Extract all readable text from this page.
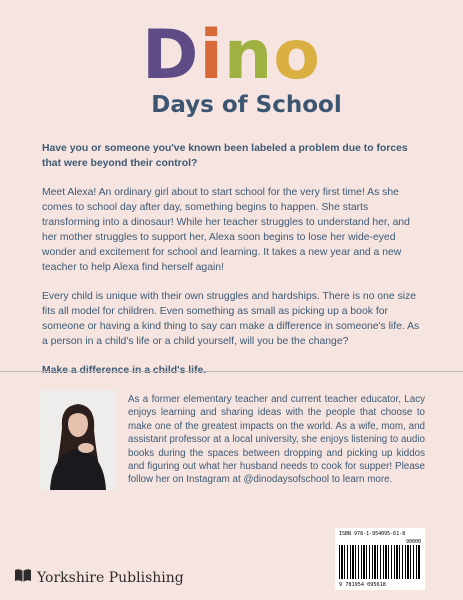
Dino
Days of School

Have you or someone you've known been labeled a problem due to forces that were beyond their control?

Meet Alexa! An ordinary girl about to start school for the very first time! As she comes to school day after day, something begins to happen. She starts transforming into a dinosaur! While her teacher struggles to understand her, and her mother struggles to support her, Alexa soon begins to lose her wide-eyed wonder and excitement for school and learning. It takes a new year and a new teacher to help Alexa find herself again!

Every child is unique with their own struggles and hardships. There is no one size fits all model for children. Even something as small as picking up a book for someone or having a kind thing to say can make a difference in someone's life. As a person in a child's life or a child yourself, will you be the change?

As a former elementary teacher and current teacher educator, Lacy enjoys learning and sharing ideas with the people that choose to make one of the greatest impacts on the world. As a wife, mom, and assistant professor at a local university, she enjoys listening to audio books during the spaces between dropping and picking up kiddos and figuring out what her husband needs to cook for supper! Please follow her on Instagram at @dinodaysofschool to learn more.
ISBN 978-1-954095-61-8
90000
9 781954 095618
Yorkshire Publishing
